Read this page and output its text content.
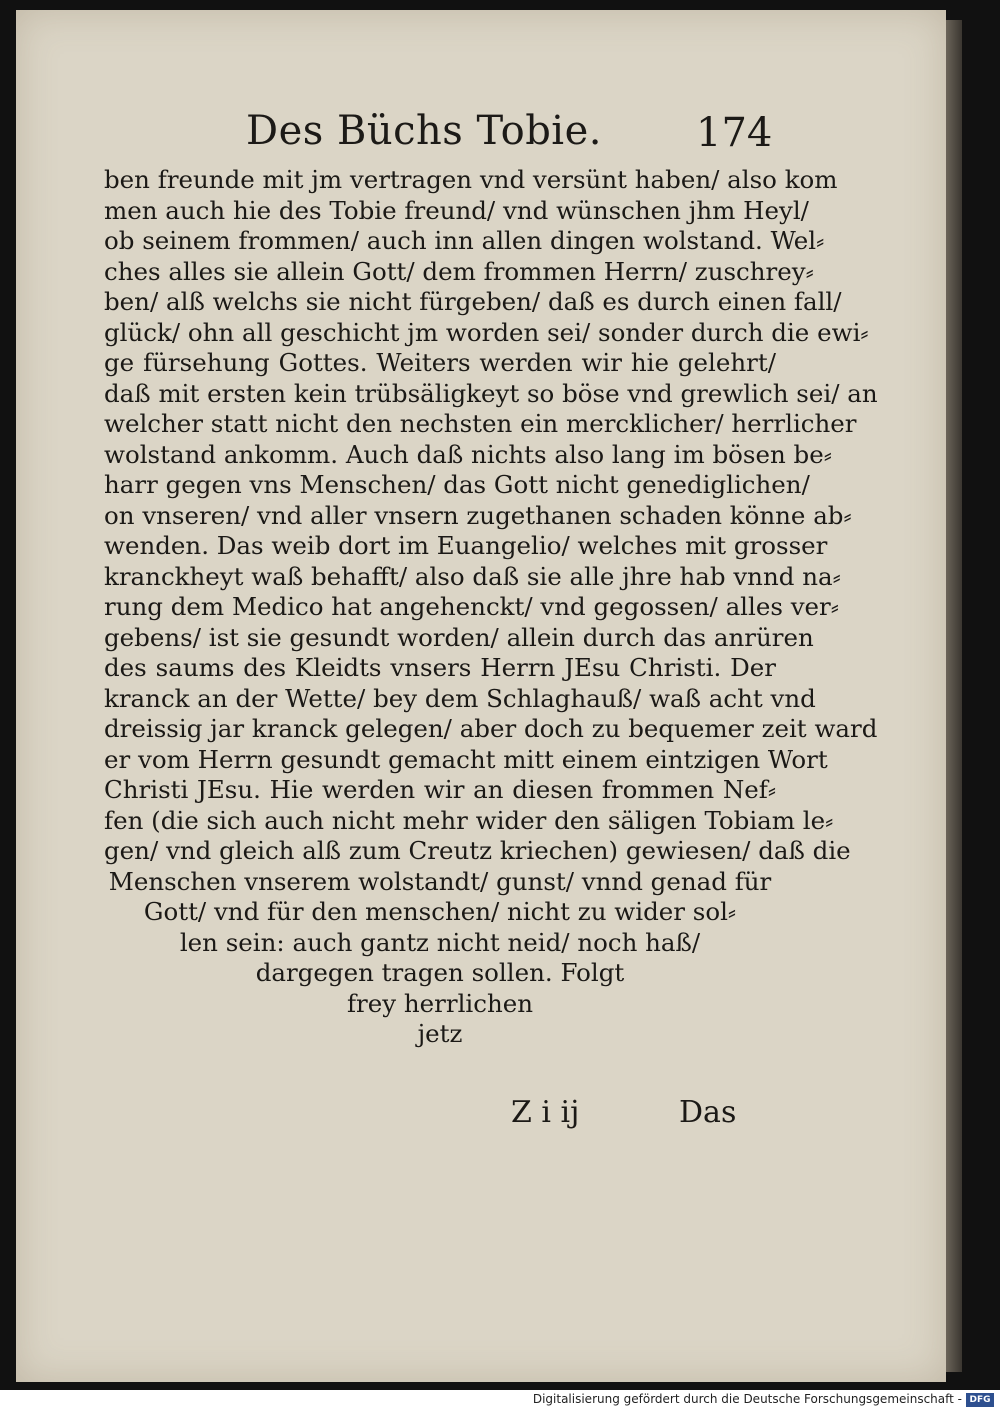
Des Büchs Tobie. 174
ben freunde mit jm vertragen vnd versünt haben/ also kom
men auch hie des Tobie freund/ vnd wünschen jhm Heyl/
ob seinem frommen/ auch inn allen dingen wolstand. Wel⸗
ches alles sie allein Gott/ dem frommen Herrn/ zuschrey⸗
ben/ alß welchs sie nicht fürgeben/ daß es durch einen fall/
glück/ ohn all geschicht jm worden sei/ sonder durch die ewi⸗
ge fürsehung Gottes. Weiters werden wir hie gelehrt/
daß mit ersten kein trübsäligkeyt so böse vnd grewlich sei/ an
welcher statt nicht den nechsten ein mercklicher/ herrlicher
wolstand ankomm. Auch daß nichts also lang im bösen be⸗
harr gegen vns Menschen/ das Gott nicht genediglichen/
on vnseren/ vnd aller vnsern zugethanen schaden könne ab⸗
wenden. Das weib dort im Euangelio/ welches mit grosser
kranckheyt waß behafft/ also daß sie alle jhre hab vnnd na⸗
rung dem Medico hat angehenckt/ vnd gegossen/ alles ver⸗
gebens/ ist sie gesundt worden/ allein durch das anrüren
des saums des Kleidts vnsers Herrn JEsu Christi. Der
kranck an der Wette/ bey dem Schlaghauß/ waß acht vnd
dreissig jar kranck gelegen/ aber doch zu bequemer zeit ward
er vom Herrn gesundt gemacht mitt einem eintzigen Wort
Christi JEsu. Hie werden wir an diesen frommen Nef⸗
fen (die sich auch nicht mehr wider den säligen Tobiam le⸗
gen/ vnd gleich alß zum Creutz kriechen) gewiesen/ daß die
Menschen vnserem wolstandt/ gunst/ vnnd genad für
Gott/ vnd für den menschen/ nicht zu wider sol⸗
len sein: auch gantz nicht neid/ noch haß/
dargegen tragen sollen. Folgt
frey herrlichen
jetz
Z i ij	Das
Digitalisierung gefördert durch die Deutsche Forschungsgemeinschaft - DFG
